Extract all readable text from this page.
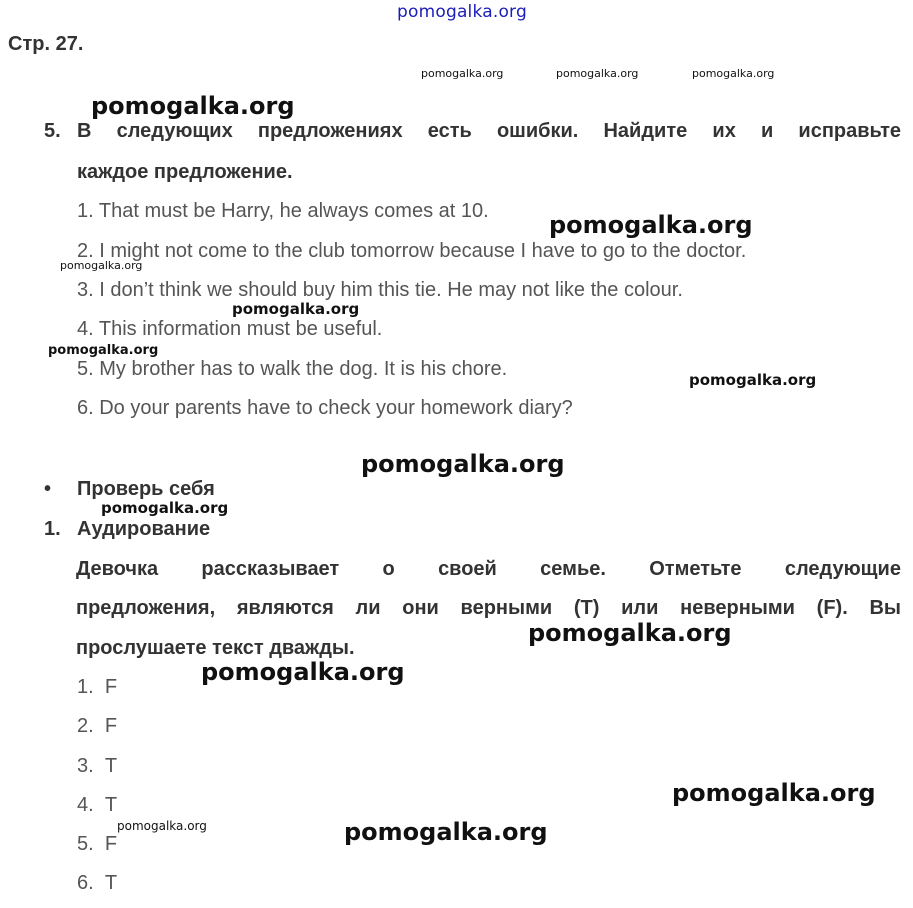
pomogalka.org
Стр. 27.
pomogalka.org	pomogalka.org	pomogalka.org
pomogalka.org
5. В следующих предложениях есть ошибки. Найдите их и исправьте
каждое предложение.
1. That must be Harry, he always comes at 10.	pomogalka.org
2. I might not come to the club tomorrow because I have to go to the doctor.
pomogalka.org
3. I don’t think we should buy him this tie. He may not like the colour.
pomogalka.org
4. This information must be useful.
pomogalka.org
5. My brother has to walk the dog. It is his chore.	pomogalka.org
6. Do your parents have to check your homework diary?
pomogalka.org
• Проверь себя
pomogalka.org
1. Аудирование
Девочка рассказывает о своей семье. Отметьте следующие
предложения, являются ли они верными (T) или неверными (F). Вы
pomogalka.org
прослушаете текст дважды.
pomogalka.org
1. F
2. F
3. T
pomogalka.org
4. T
pomogalka.org	pomogalka.org
5. F
6. T
